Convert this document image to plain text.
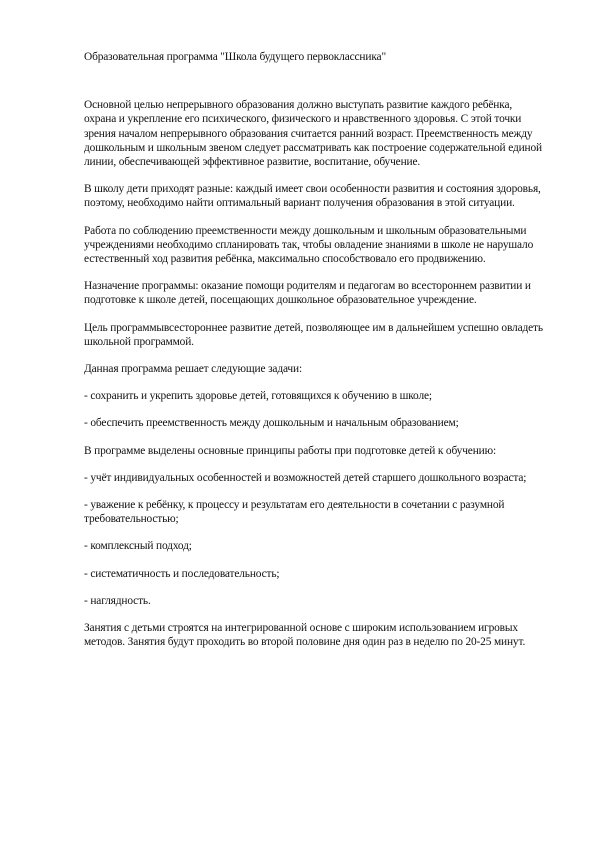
Образовательная программа "Школа будущего первоклассника"

Основной целью непрерывного образования должно выступать развитие каждого ребёнка, охрана и укрепление его психического, физического и нравственного здоровья. С этой точки зрения началом непрерывного образования считается ранний возраст. Преемственность между дошкольным и школьным звеном следует рассматривать как построение содержательной единой линии, обеспечивающей эффективное развитие, воспитание, обучение.

В школу дети приходят разные: каждый имеет свои особенности развития и состояния здоровья, поэтому, необходимо найти оптимальный вариант получения образования в этой ситуации.

Работа по соблюдению преемственности между дошкольным и школьным образовательными учреждениями необходимо спланировать так, чтобы овладение знаниями в школе не нарушало естественный ход развития ребёнка, максимально способствовало его продвижению.

Назначение программы: оказание помощи родителям и педагогам во всестороннем развитии и подготовке к школе детей, посещающих дошкольное образовательное учреждение.

Цель программывсестороннее развитие детей, позволяющее им в дальнейшем успешно овладеть школьной программой.

Данная программа решает следующие задачи:

- сохранить и укрепить здоровье детей, готовящихся к обучению в школе;

- обеспечить преемственность между дошкольным и начальным образованием;

В программе выделены основные принципы работы при подготовке детей к обучению:

- учёт индивидуальных особенностей и возможностей детей старшего дошкольного возраста;

- уважение к ребёнку, к процессу и результатам его деятельности в сочетании с разумной требовательностью;

- комплексный подход;

- систематичность и последовательность;

- наглядность.

Занятия с детьми строятся на интегрированной основе с широким использованием игровых методов. Занятия будут проходить во второй половине дня один раз в неделю по 20-25 минут.
